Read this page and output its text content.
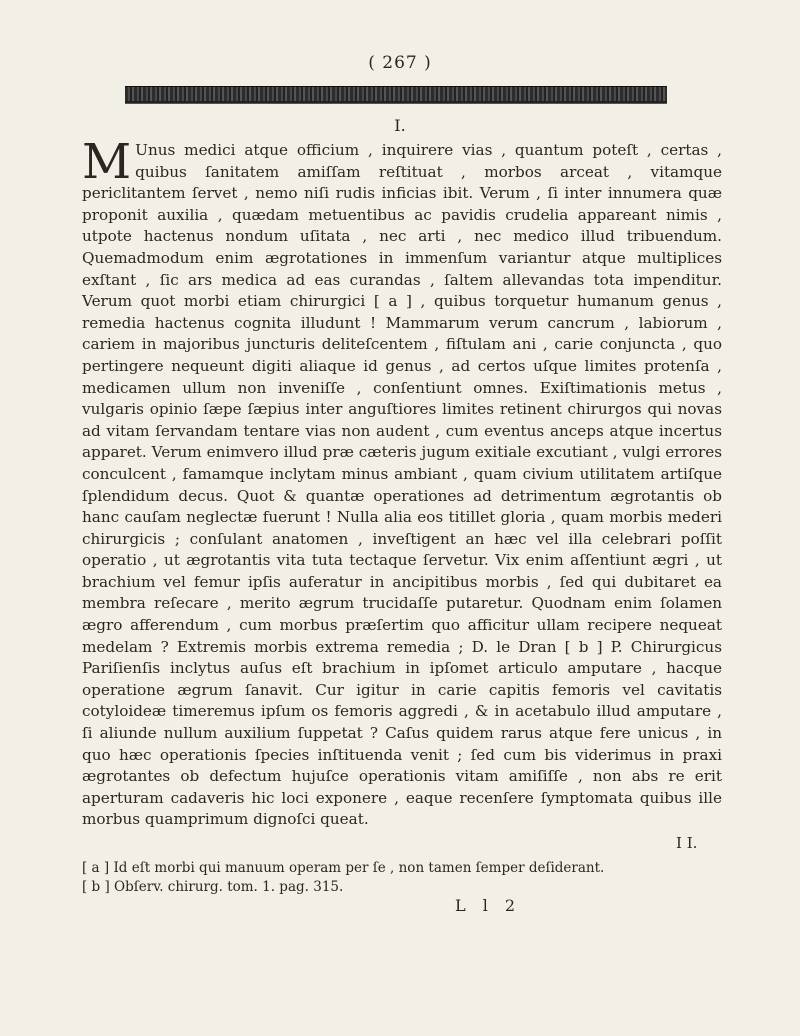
( 267 )
I.
M Unus medici atque officium , inquirere vias , quantum poteſt , certas , quibus ſanitatem amiſſam reſtituat , morbos arceat , vitamque periclitantem ſervet , nemo niſi rudis inficias ibit. Verum , ſi inter innumera quæ proponit auxilia , quædam metuentibus ac pavidis crudelia appareant nimis , utpote hactenus nondum uſitata , nec arti , nec medico illud tribuendum. Quemadmodum enim ægrotationes in immenſum variantur atque multiplices exſtant , ſic ars medica ad eas curandas , ſaltem allevandas tota impenditur. Verum quot morbi etiam chirurgici [ a ] , quibus torquetur humanum genus , remedia hactenus cognita illudunt ! Mammarum verum cancrum , labiorum , cariem in majoribus juncturis deliteſcentem , fiſtulam ani , carie conjuncta , quo pertingere nequeunt digiti aliaque id genus , ad certos uſque limites protenſa , medicamen ullum non inveniſſe , conſentiunt omnes. Exiſtimationis metus , vulgaris opinio ſæpe ſæpius inter anguſtiores limites retinent chirurgos qui novas ad vitam ſervandam tentare vias non audent , cum eventus anceps atque incertus apparet. Verum enimvero illud præ cæteris jugum exitiale excutiant , vulgi errores conculcent , famamque inclytam minus ambiant , quam civium utilitatem artiſque ſplendidum decus. Quot & quantæ operationes ad detrimentum ægrotantis ob hanc cauſam neglectæ fuerunt ! Nulla alia eos titillet gloria , quam morbis mederi chirurgicis ; conſulant anatomen , inveſtigent an hæc vel illa celebrari poſſit operatio , ut ægrotantis vita tuta tectaque ſervetur. Vix enim aſſentiunt ægri , ut brachium vel femur ipſis auferatur in ancipitibus morbis , ſed qui dubitaret ea membra reſecare , merito ægrum trucidaſſe putaretur. Quodnam enim ſolamen ægro afferendum , cum morbus præſertim quo afficitur ullam recipere nequeat medelam ? Extremis morbis extrema remedia ; D. le Dran [ b ] P. Chirurgicus Pariſienſis inclytus auſus eſt brachium in ipſomet articulo amputare , hacque operatione ægrum ſanavit. Cur igitur in carie capitis femoris vel cavitatis cotyloideæ timeremus ipſum os femoris aggredi , & in acetabulo illud amputare , ſi aliunde nullum auxilium ſuppetat ? Caſus quidem rarus atque fere unicus , in quo hæc operationis ſpecies inſtituenda venit ; ſed cum bis viderimus in praxi ægrotantes ob defectum hujuſce operationis vitam amiſiſſe , non abs re erit aperturam cadaveris hic loci exponere , eaque recenſere ſymptomata quibus ille morbus quamprimum dignoſci queat.
I I.
[ a ] Id eſt morbi qui manuum operam per ſe , non tamen ſemper deſiderant.
[ b ] Obſerv. chirurg. tom. 1. pag. 315.
L l 2
